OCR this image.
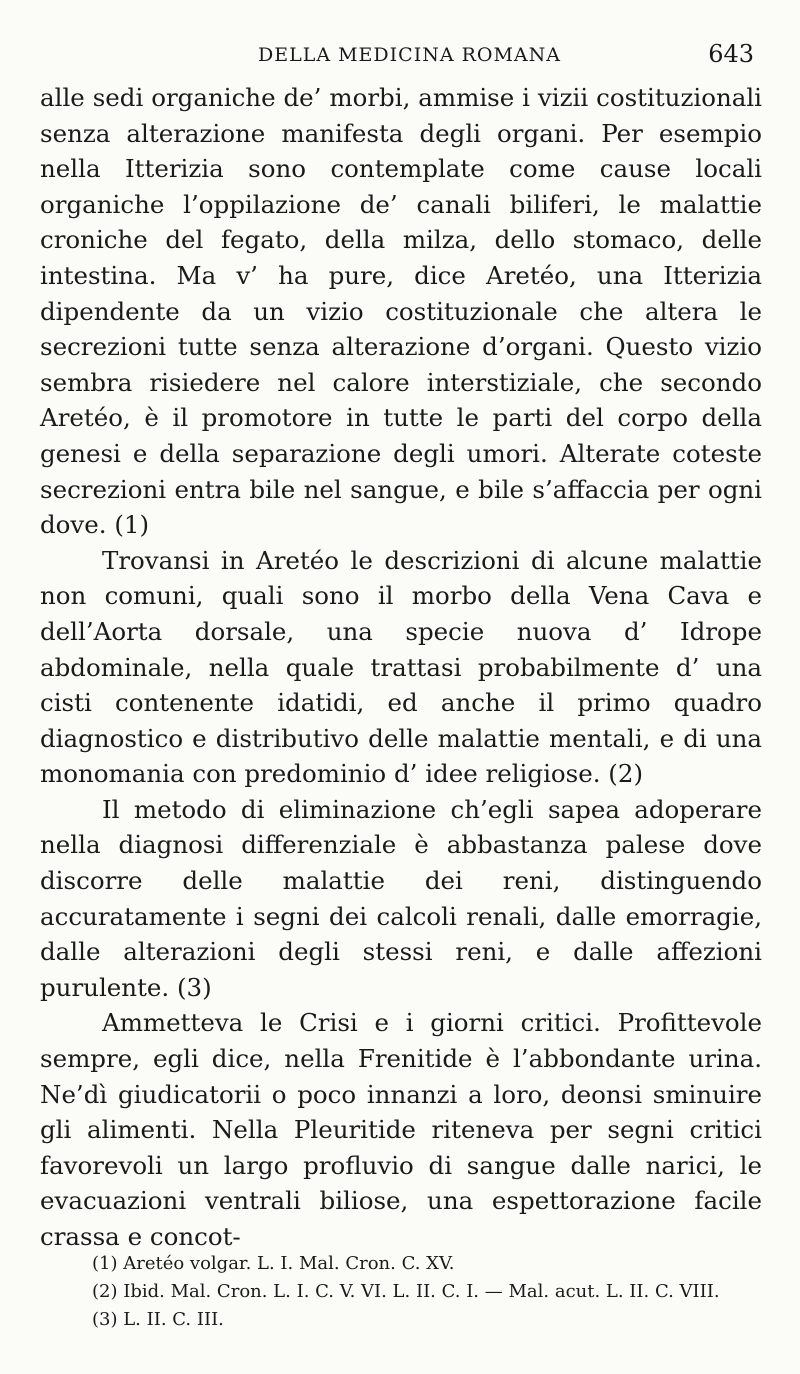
DELLA MEDICINA ROMANA	643

alle sedi organiche de’ morbi, ammise i vizii costituzionali senza alterazione manifesta degli organi. Per esempio nella Itterizia sono contemplate come cause locali organiche l’oppilazione de’ canali biliferi, le malattie croniche del fegato, della milza, dello stomaco, delle intestina. Ma v’ ha pure, dice Aretéo, una Itterizia dipendente da un vizio costituzionale che altera le secrezioni tutte senza alterazione d’organi. Questo vizio sembra risiedere nel calore interstiziale, che secondo Aretéo, è il promotore in tutte le parti del corpo della genesi e della separazione degli umori. Alterate coteste secrezioni entra bile nel sangue, e bile s’affaccia per ogni dove. (1)

Trovansi in Aretéo le descrizioni di alcune malattie non comuni, quali sono il morbo della Vena Cava e dell’Aorta dorsale, una specie nuova d’ Idrope abdominale, nella quale trattasi probabilmente d’ una cisti contenente idatidi, ed anche il primo quadro diagnostico e distributivo delle malattie mentali, e di una monomania con predominio d’ idee religiose. (2)

Il metodo di eliminazione ch’egli sapea adoperare nella diagnosi differenziale è abbastanza palese dove discorre delle malattie dei reni, distinguendo accuratamente i segni dei calcoli renali, dalle emorragie, dalle alterazioni degli stessi reni, e dalle affezioni purulente. (3)

Ammetteva le Crisi e i giorni critici. Profittevole sempre, egli dice, nella Frenitide è l’abbondante urina. Ne’dì giudicatorii o poco innanzi a loro, deonsi sminuire gli alimenti. Nella Pleuritide riteneva per segni critici favorevoli un largo profluvio di sangue dalle narici, le evacuazioni ventrali biliose, una espettorazione facile crassa e concot-

(1) Aretéo volgar. L. I. Mal. Cron. C. XV.
(2) Ibid. Mal. Cron. L. I. C. V. VI. L. II. C. I. — Mal. acut. L. II. C. VIII.
(3) L. II. C. III.
